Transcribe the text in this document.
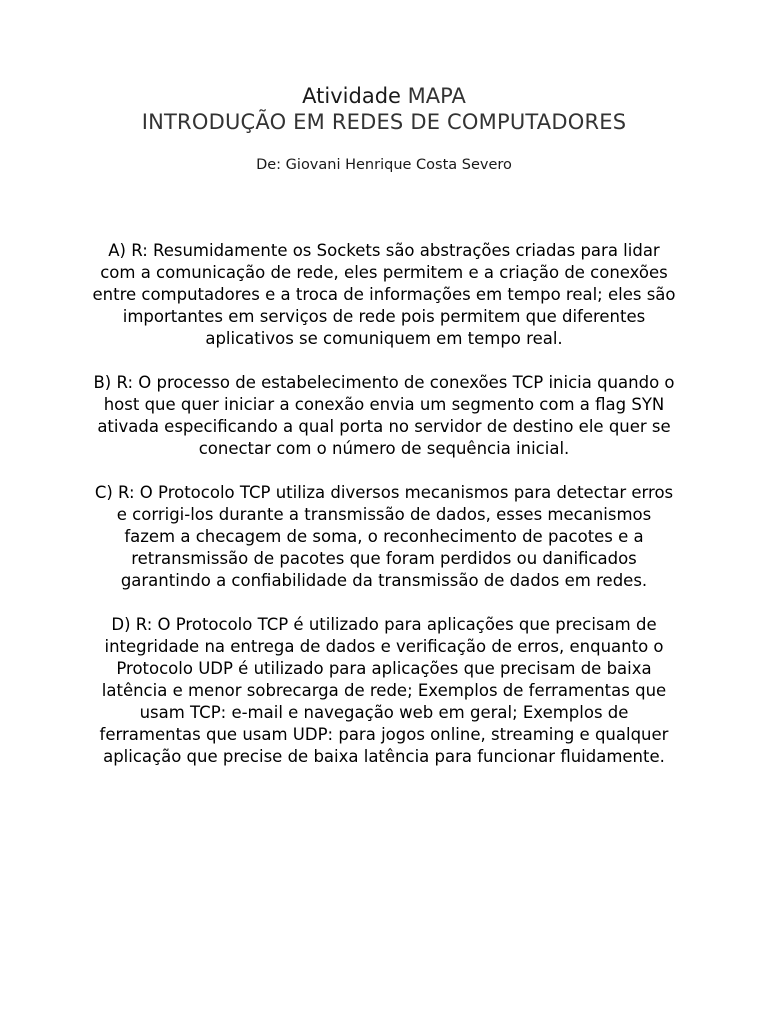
Atividade MAPA
INTRODUÇÃO EM REDES DE COMPUTADORES
De: Giovani Henrique Costa Severo

A) R: Resumidamente os Sockets são abstrações criadas para lidar com a comunicação de rede, eles permitem e a criação de conexões entre computadores e a troca de informações em tempo real; eles são importantes em serviços de rede pois permitem que diferentes aplicativos se comuniquem em tempo real.

B) R: O processo de estabelecimento de conexões TCP inicia quando o host que quer iniciar a conexão envia um segmento com a flag SYN ativada especificando a qual porta no servidor de destino ele quer se conectar com o número de sequência inicial.

C) R: O Protocolo TCP utiliza diversos mecanismos para detectar erros e corrigi-los durante a transmissão de dados, esses mecanismos fazem a checagem de soma, o reconhecimento de pacotes e a retransmissão de pacotes que foram perdidos ou danificados garantindo a confiabilidade da transmissão de dados em redes.

D) R: O Protocolo TCP é utilizado para aplicações que precisam de integridade na entrega de dados e verificação de erros, enquanto o Protocolo UDP é utilizado para aplicações que precisam de baixa latência e menor sobrecarga de rede; Exemplos de ferramentas que usam TCP: e-mail e navegação web em geral; Exemplos de ferramentas que usam UDP: para jogos online, streaming e qualquer aplicação que precise de baixa latência para funcionar fluidamente.
